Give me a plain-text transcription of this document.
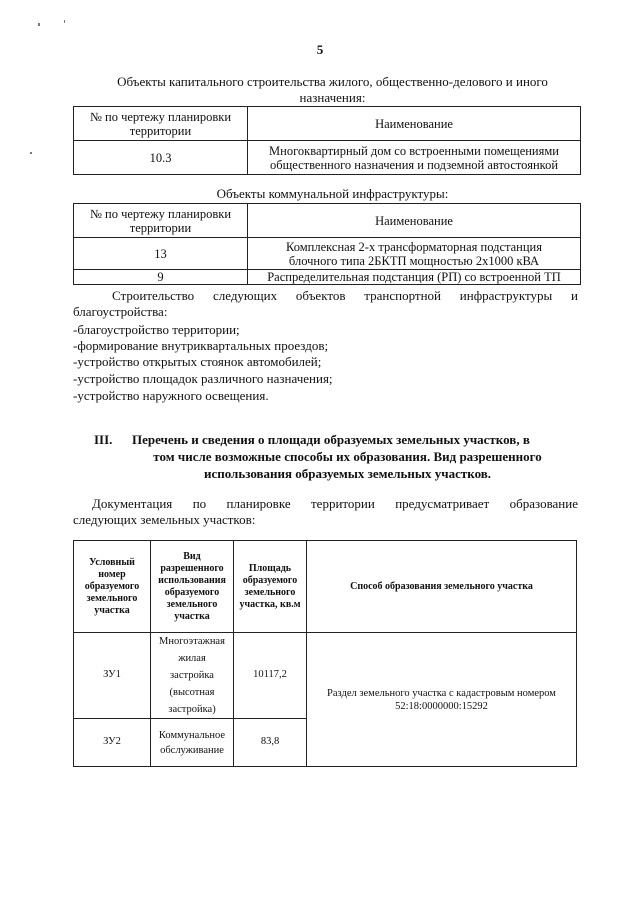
5
Объекты капитального строительства жилого, общественно-делового и иного
назначения:
№ по чертежу планировки территории	Наименование
10.3	Многоквартирный дом со встроенными помещениями
общественного назначения и подземной автостоянкой
Объекты коммунальной инфраструктуры:
№ по чертежу планировки территории	Наименование
13	Комплексная 2-х трансформаторная подстанция
блочного типа 2БКТП мощностью 2х1000 кВА

9	Распределительная подстанция (РП) со встроенной ТП
Строительство следующих объектов транспортной инфраструктуры и
благоустройства:
-благоустройство территории;
-формирование внутриквартальных проездов;
-устройство открытых стоянок автомобилей;
-устройство площадок различного назначения;
-устройство наружного освещения.
III. Перечень и сведения о площади образуемых земельных участков, в
том числе возможные способы их образования. Вид разрешенного
использования образуемых земельных участков.
Документация по планировке территории предусматривает образование
следующих земельных участков:
Условный номер образуемого земельного участка	Вид разрешенного использования образуемого земельного участка	Площадь образуемого земельного участка, кв.м	Способ образования земельного участка
ЗУ1	Многоэтажная жилая застройка (высотная застройка)	10117,2	Раздел земельного участка с кадастровым номером
52:18:0000000:15292

ЗУ2	Коммунальное обслуживание	83,8	
